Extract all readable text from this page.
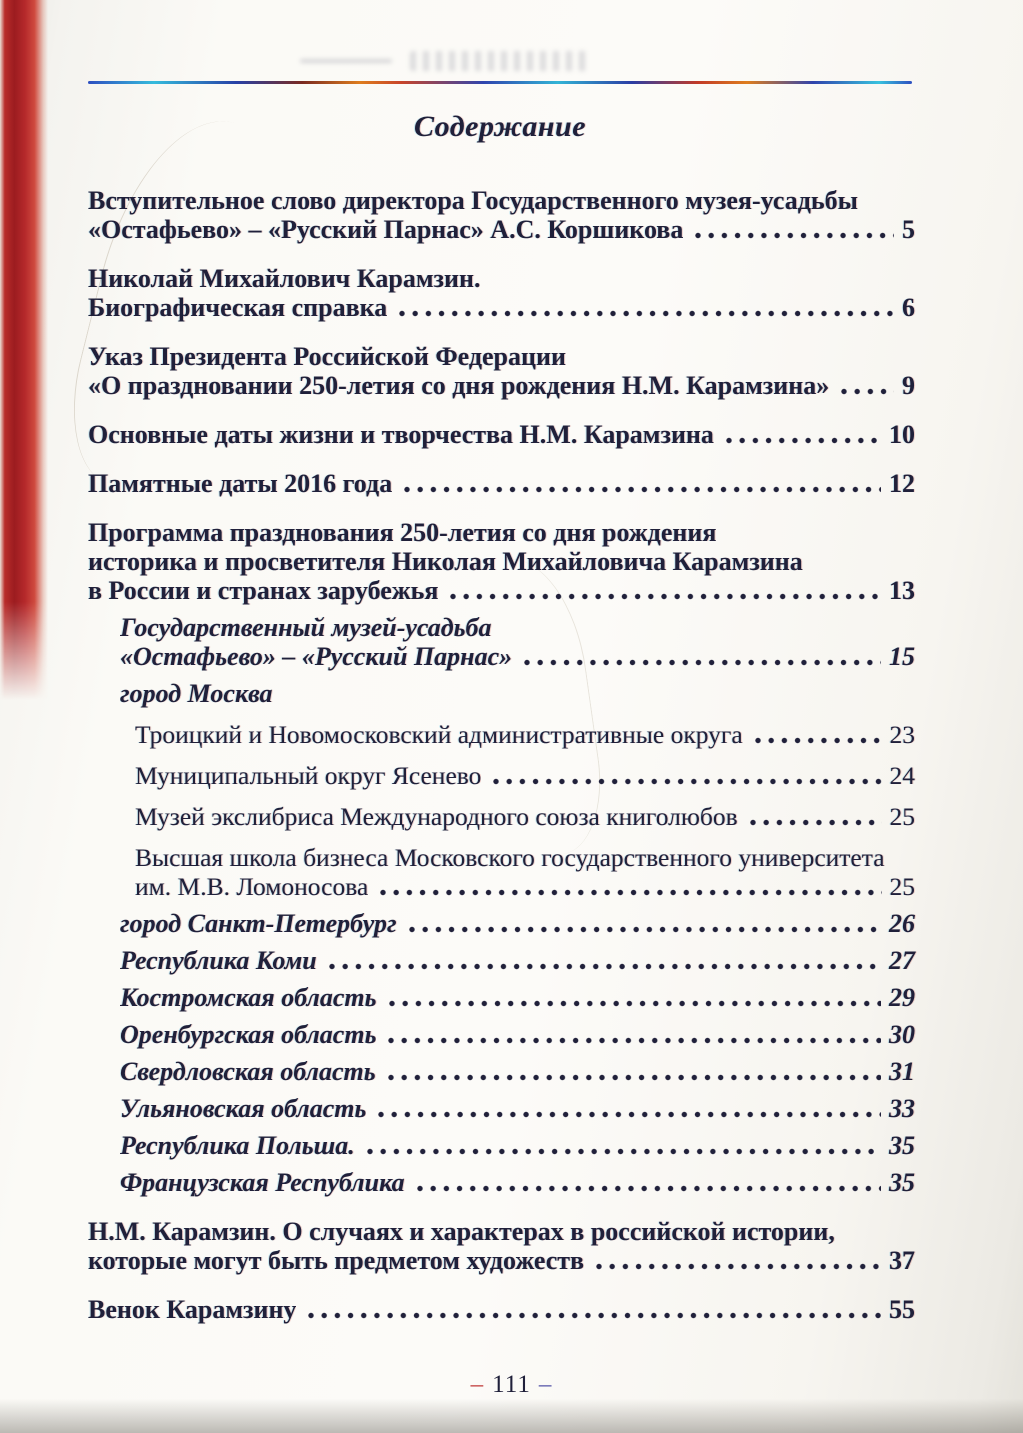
Содержание
Вступительное слово директора Государственного музея-усадьбы
«Остафьево» – «Русский Парнас» А.С. Коршикова	5
Николай Михайлович Карамзин.
Биографическая справка	6
Указ Президента Российской Федерации
«О праздновании 250-летия со дня рождения Н.М. Карамзина»	9
Основные даты жизни и творчества Н.М. Карамзина	10
Памятные даты 2016 года	12
Программа празднования 250-летия со дня рождения
историка и просветителя Николая Михайловича Карамзина
в России и странах зарубежья	13
Государственный музей-усадьба
«Остафьево» – «Русский Парнас»	15
город Москва
Троицкий и Новомосковский административные округа	23
Муниципальный округ Ясенево	24
Музей экслибриса Международного союза книголюбов	25
Высшая школа бизнеса Московского государственного университета
им. М.В. Ломоносова	25
город Санкт-Петербург	26
Республика Коми	27
Костромская область	29
Оренбургская область	30
Свердловская область	31
Ульяновская область	33
Республика Польша.	35
Французская Республика	35
Н.М. Карамзин. О случаях и характерах в российской истории,
которые могут быть предметом художеств	37
Венок Карамзину	55
– 111 –
